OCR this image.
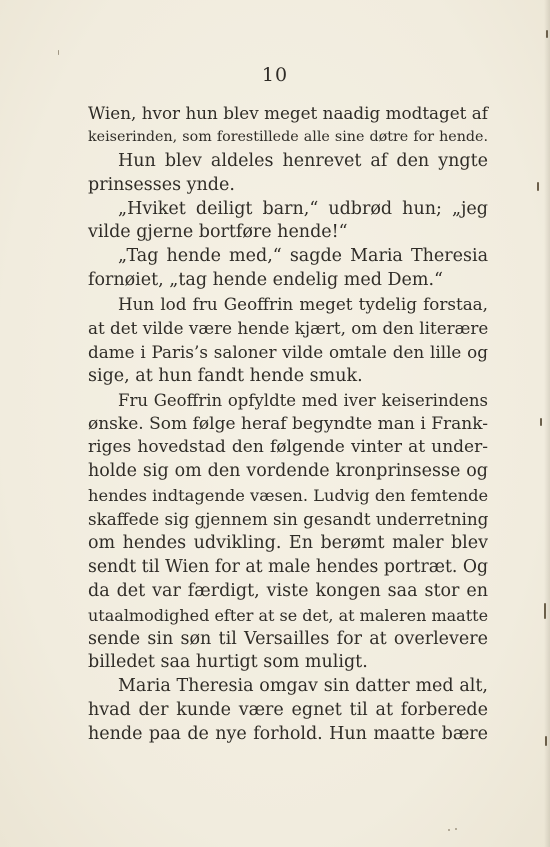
10
Wien, hvor hun blev meget naadig modtaget af
keiserinden, som forestillede alle sine døtre for hende.
Hun blev aldeles henrevet af den yngte
prinsesses ynde.
„Hviket deiligt barn,“ udbrød hun; „jeg
vilde gjerne bortføre hende!“
„Tag hende med,“ sagde Maria Theresia
fornøiet, „tag hende endelig med Dem.“
Hun lod fru Geoffrin meget tydelig forstaa,
at det vilde være hende kjært, om den literære
dame i Paris’s saloner vilde omtale den lille og
sige, at hun fandt hende smuk.
Fru Geoffrin opfyldte med iver keiserindens
ønske. Som følge heraf begyndte man i Frank-
riges hovedstad den følgende vinter at under-
holde sig om den vordende kronprinsesse og
hendes indtagende væsen. Ludvig den femtende
skaffede sig gjennem sin gesandt underretning
om hendes udvikling. En berømt maler blev
sendt til Wien for at male hendes portræt. Og
da det var færdigt, viste kongen saa stor en
utaalmodighed efter at se det, at maleren maatte
sende sin søn til Versailles for at overlevere
billedet saa hurtigt som muligt.
Maria Theresia omgav sin datter med alt,
hvad der kunde være egnet til at forberede
hende paa de nye forhold. Hun maatte bære
